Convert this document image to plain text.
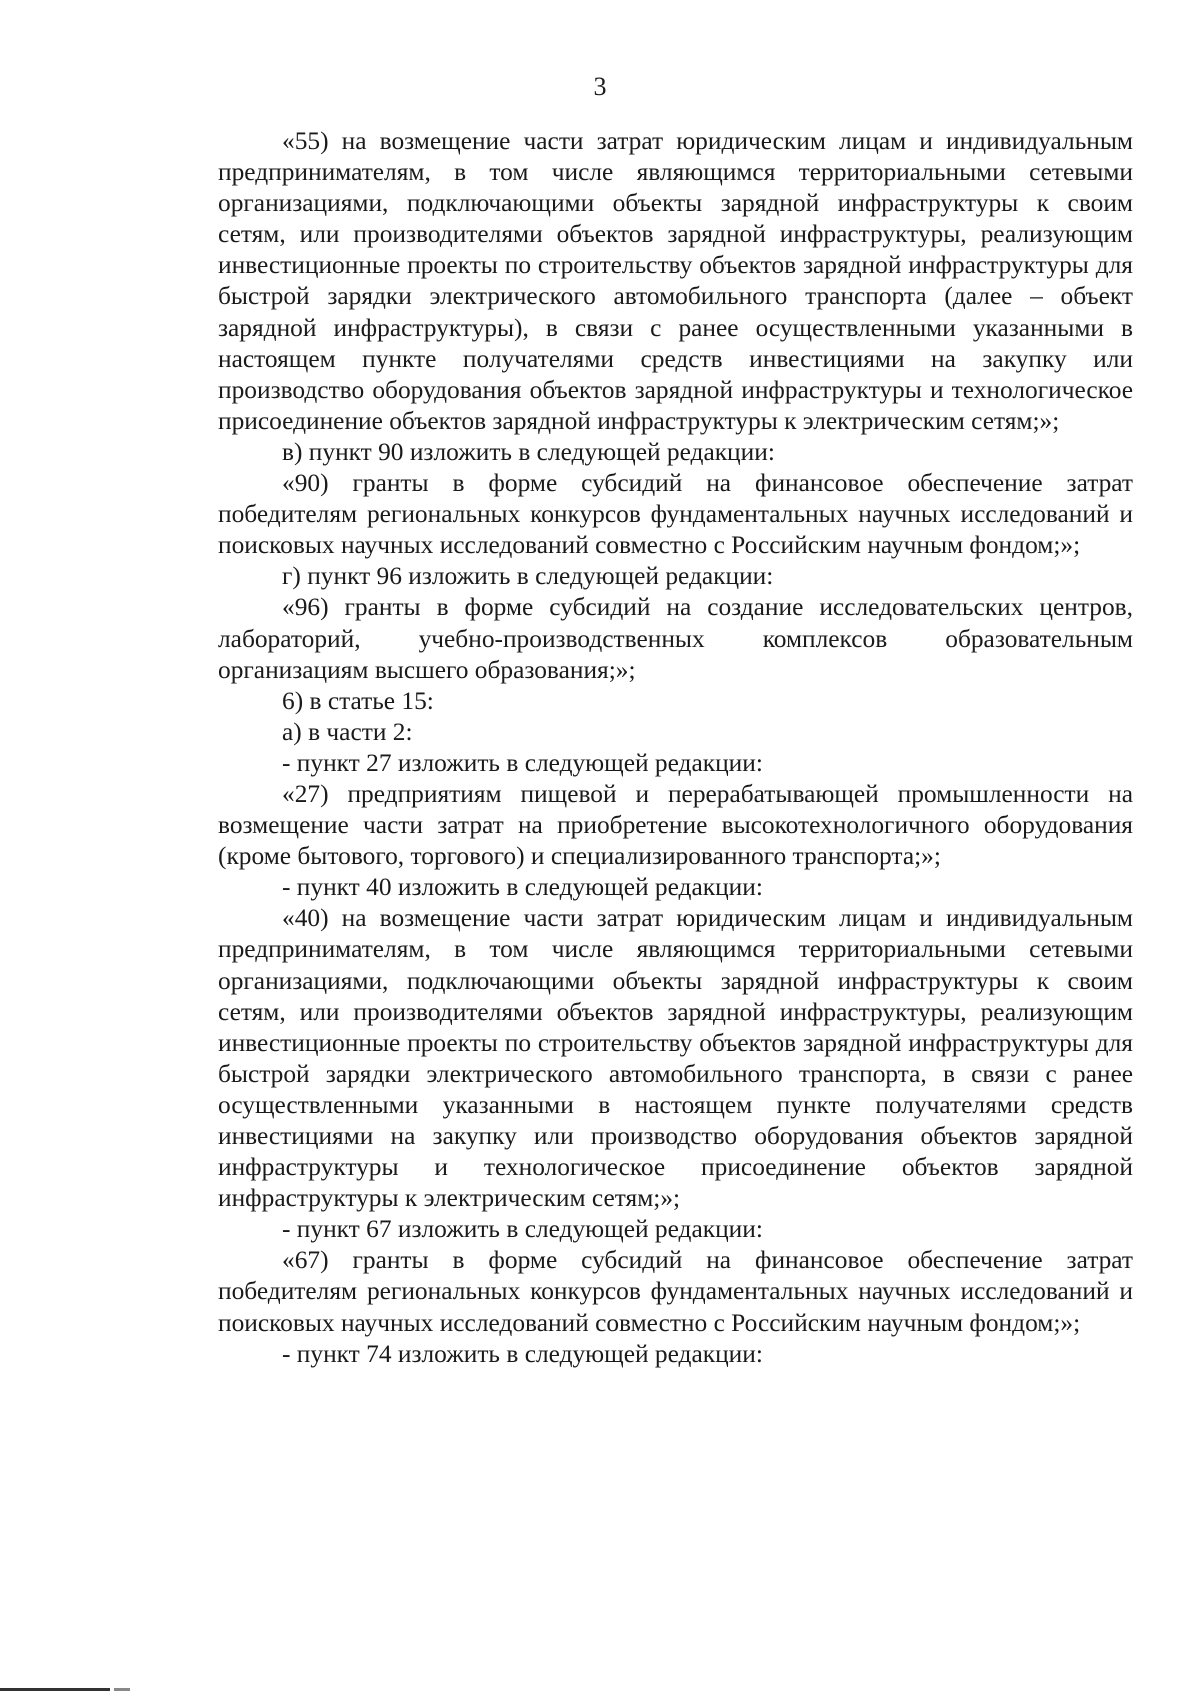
3

«55) на возмещение части затрат юридическим лицам и индивидуальным предпринимателям, в том числе являющимся территориальными сетевыми организациями, подключающими объекты зарядной инфраструктуры к своим сетям, или производителями объектов зарядной инфраструктуры, реализующим инвестиционные проекты по строительству объектов зарядной инфраструктуры для быстрой зарядки электрического автомобильного транспорта (далее – объект зарядной инфраструктуры), в связи с ранее осуществленными указанными в настоящем пункте получателями средств инвестициями на закупку или производство оборудования объектов зарядной инфраструктуры и технологическое присоединение объектов зарядной инфраструктуры к электрическим сетям;»;

в) пункт 90 изложить в следующей редакции:

«90) гранты в форме субсидий на финансовое обеспечение затрат победителям региональных конкурсов фундаментальных научных исследований и поисковых научных исследований совместно с Российским научным фондом;»;

г) пункт 96 изложить в следующей редакции:

«96) гранты в форме субсидий на создание исследовательских центров, лабораторий, учебно-производственных комплексов образовательным организациям высшего образования;»;

6) в статье 15:

а) в части 2:

- пункт 27 изложить в следующей редакции:

«27) предприятиям пищевой и перерабатывающей промышленности на возмещение части затрат на приобретение высокотехнологичного оборудования (кроме бытового, торгового) и специализированного транспорта;»;

- пункт 40 изложить в следующей редакции:

«40) на возмещение части затрат юридическим лицам и индивидуальным предпринимателям, в том числе являющимся территориальными сетевыми организациями, подключающими объекты зарядной инфраструктуры к своим сетям, или производителями объектов зарядной инфраструктуры, реализующим инвестиционные проекты по строительству объектов зарядной инфраструктуры для быстрой зарядки электрического автомобильного транспорта, в связи с ранее осуществленными указанными в настоящем пункте получателями средств инвестициями на закупку или производство оборудования объектов зарядной инфраструктуры и технологическое присоединение объектов зарядной инфраструктуры к электрическим сетям;»;

- пункт 67 изложить в следующей редакции:

«67) гранты в форме субсидий на финансовое обеспечение затрат победителям региональных конкурсов фундаментальных научных исследований и поисковых научных исследований совместно с Российским научным фондом;»;

- пункт 74 изложить в следующей редакции:
